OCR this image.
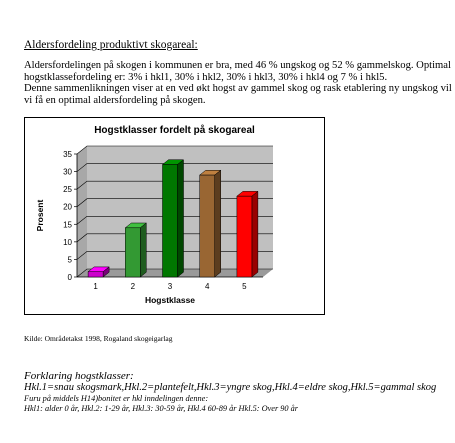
Aldersfordeling produktivt skogareal:
Aldersfordelingen på skogen i kommunen er bra, med 46 % ungskog og 52 % gammelskog. Optimal
hogstklassefordeling er: 3% i hkl1, 30% i hkl2, 30% i hkl3, 30% i hkl4 og 7 % i hkl5.
Denne sammenlikningen viser at en ved økt hogst av gammel skog og rask etablering ny ungskog vil
vi få en optimal aldersfordeling på skogen.
Hogstklasser fordelt på skogareal
0
5
10
15
20
25
30
35
1	2	3	4	5
Hogstklasse
Prosent
Kilde: Områdetakst 1998, Rogaland skogeigarlag
Forklaring hogstklasser:
Hkl.1=snau skogsmark,Hkl.2=plantefelt,Hkl.3=yngre skog,Hkl.4=eldre skog,Hkl.5=gammal skog
Furu på middels H14)bonitet er hkl inndelingen denne:
Hkl1: alder 0 år, Hkl.2: 1-29 år, Hkl.3: 30-59 år, Hkl.4 60-89 år Hkl.5: Over 90 år
